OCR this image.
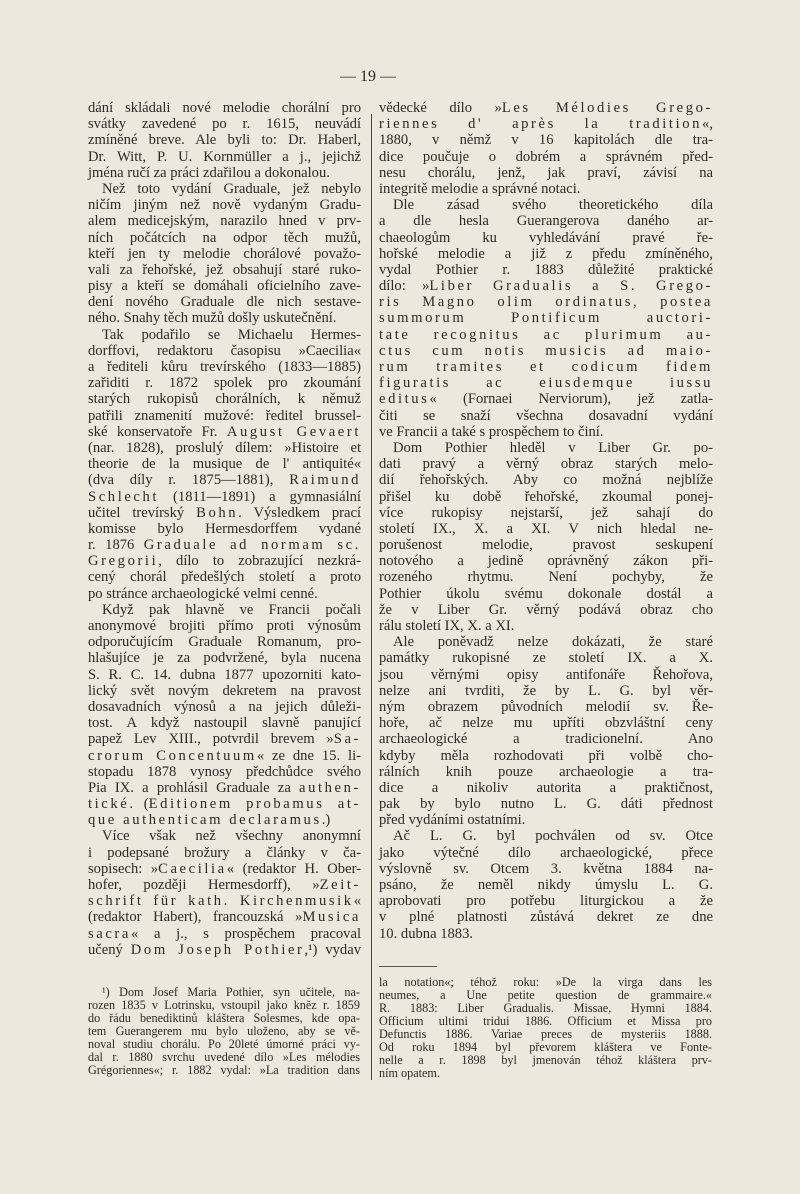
— 19 —
dání skládali nové melodie chorální pro
svátky zavedené po r. 1615, neuvádí
zmíněné breve. Ale byli to: Dr. Haberl,
Dr. Witt, P. U. Kornmüller a j., jejichž
jména ručí za práci zdařilou a dokonalou.
Než toto vydání Graduale, jež nebylo
ničím jiným než nově vydaným Gradu-
alem medicejským, narazilo hned v prv-
ních počátcích na odpor těch mužů,
kteří jen ty melodie chorálové považo-
vali za řehořské, jež obsahují staré ruko-
pisy a kteří se domáhali oficielního zave-
dení nového Graduale dle nich sestave-
ného. Snahy těch mužů došly uskutečnění.
Tak podařilo se Michaelu Hermes-
dorffovi, redaktoru časopisu »Caecilia«
a řediteli kůru trevírského (1833—1885)
zařiditi r. 1872 spolek pro zkoumání
starých rukopisů chorálních, k němuž
patřili znamenití mužové: ředitel brussel-
ské konservatoře Fr. August Gevaert
(nar. 1828), proslulý dílem: »Histoire et
theorie de la musique de l' antiquité«
(dva díly r. 1875—1881), Raimund
Schlecht (1811—1891) a gymnasiální
učitel trevírský Bohn. Výsledkem prací
komisse bylo Hermesdorffem vydané
r. 1876 Graduale ad normam sc.
Gregorii, dílo to zobrazující nezkrá-
cený chorál předešlých století a proto
po stránce archaeologické velmi cenné.
Když pak hlavně ve Francii počali
anonymové brojiti přímo proti výnosům
odporučujícím Graduale Romanum, pro-
hlašujíce je za podvržené, byla nucena
S. R. C. 14. dubna 1877 upozorniti kato-
lický svět novým dekretem na pravost
dosavadních výnosů a na jejich důleži-
tost. A když nastoupil slavně panující
papež Lev XIII., potvrdil brevem »Sa-
crorum Concentuum« ze dne 15. li-
stopadu 1878 vynosy předchůdce svého
Pia IX. a prohlásil Graduale za authen-
tické. (Editionem probamus at-
que authenticam declaramus.)
Více však než všechny anonymní
i podepsané brožury a články v ča-
sopisech: »Caecilia« (redaktor H. Ober-
hofer, později Hermesdorff), »Zeit-
schrift für kath. Kirchenmusik«
(redaktor Habert), francouzská »Musica
sacra« a j., s prospěchem pracoval
učený Dom Joseph Pothier,¹) vydav
vědecké dílo »Les Mélodies Grego-
riennes d' après la tradition«,
1880, v němž v 16 kapitolách dle tra-
dice poučuje o dobrém a správném před-
nesu chorálu, jenž, jak praví, závisí na
integritě melodie a správné notaci.
Dle zásad svého theoretického díla
a dle hesla Guerangerova daného ar-
chaeologům ku vyhledávání pravé ře-
hořské melodie a již z předu zmíněného,
vydal Pothier r. 1883 důležité praktické
dílo: »Liber Gradualis a S. Grego-
ris Magno olim ordinatus, postea
summorum Pontificum auctori-
tate recognitus ac plurimum au-
ctus cum notis musicis ad maio-
rum tramites et codicum fidem
figuratis ac eiusdemque iussu
editus« (Fornaei Nerviorum), jež zatla-
čiti se snaží všechna dosavadní vydání
ve Francii a také s prospěchem to činí.
Dom Pothier hleděl v Liber Gr. po-
dati pravý a věrný obraz starých melo-
dií řehořských. Aby co možná nejblíže
přišel ku době řehořské, zkoumal ponej-
více rukopisy nejstarší, jež sahají do
století IX., X. a XI. V nich hledal ne-
porušenost melodie, pravost seskupení
notového a jedině oprávněný zákon při-
rozeného rhytmu. Není pochyby, že
Pothier úkolu svému dokonale dostál a
že v Liber Gr. věrný podává obraz cho
rálu století IX, X. a XI.
Ale poněvadž nelze dokázati, že staré
památky rukopisné ze století IX. a X.
jsou věrnými opisy antifonáře Řehořova,
nelze ani tvrditi, že by L. G. byl věr-
ným obrazem původních melodií sv. Ře-
hoře, ač nelze mu upříti obzvláštní ceny
archaeologické a tradicionelní. Ano
kdyby měla rozhodovati při volbě cho-
rálních knih pouze archaeologie a tra-
dice a nikoliv autorita a praktičnost,
pak by bylo nutno L. G. dáti přednost
před vydáními ostatními.
Ač L. G. byl pochválen od sv. Otce
jako výtečné dílo archaeologické, přece
výslovně sv. Otcem 3. května 1884 na-
psáno, že neměl nikdy úmyslu L. G.
aprobovati pro potřebu liturgickou a že
v plné platnosti zůstává dekret ze dne
10. dubna 1883.
¹) Dom Josef Maria Pothier, syn učitele, na-
rozen 1835 v Lotrinsku, vstoupil jako kněz r. 1859
do řádu benediktinů kláštera Solesmes, kde opa-
tem Guerangerem mu bylo uloženo, aby se vě-
noval studiu chorálu. Po 20leté úmorné práci vy-
dal r. 1880 svrchu uvedené dílo »Les mélodies
Grégoriennes«; r. 1882 vydal: »La tradition dans
la notation«; téhož roku: »De la virga dans les
neumes, a Une petite question de grammaire.«
R. 1883: Liber Gradualis. Missae, Hymni 1884.
Officium ultimi tridui 1886. Officium et Missa pro
Defunctis 1886. Variae preces de mysteriis 1888.
Od roku 1894 byl převorem kláštera ve Fonte-
nelle a r. 1898 byl jmenován téhož kláštera prv-
ním opatem.
